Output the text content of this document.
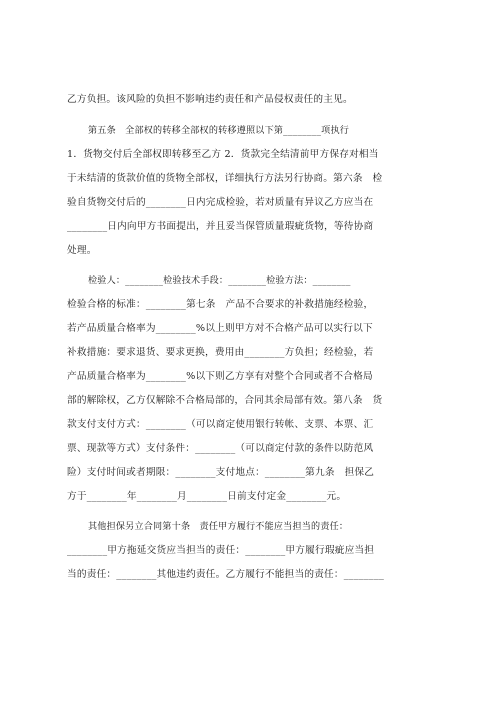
乙方负担。该风险的负担不影响违约责任和产品侵权责任的主见。
第五条　全部权的转移全部权的转移遵照以下第________项执行
1．货物交付后全部权即转移至乙方 2．货款完全结清前甲方保存对相当
于未结清的货款价值的货物全部权，详细执行方法另行协商。第六条　检
验自货物交付后的________日内完成检验，若对质量有异议乙方应当在
________日内向甲方书面提出，并且妥当保管质量瑕疵货物，等待协商
处理。
检验人：________检验技术手段：________检验方法：________
检验合格的标准：________第七条　产品不合要求的补救措施经检验，
若产品质量合格率为________%以上则甲方对不合格产品可以实行以下
补救措施：要求退货、要求更换，费用由________方负担；经检验，若
产品质量合格率为________%以下则乙方享有对整个合同或者不合格局
部的解除权，乙方仅解除不合格局部的，合同其余局部有效。第八条　货
款支付支付方式：________（可以商定使用银行转帐、支票、本票、汇
票、现款等方式）支付条件：________（可以商定付款的条件以防范风
险）支付时间或者期限：________支付地点：________第九条　担保乙
方于________年________月________日前支付定金________元。
其他担保另立合同第十条　责任甲方履行不能应当担当的责任：
________甲方拖延交货应当担当的责任：________甲方履行瑕疵应当担
当的责任：________其他违约责任。乙方履行不能担当的责任：________
